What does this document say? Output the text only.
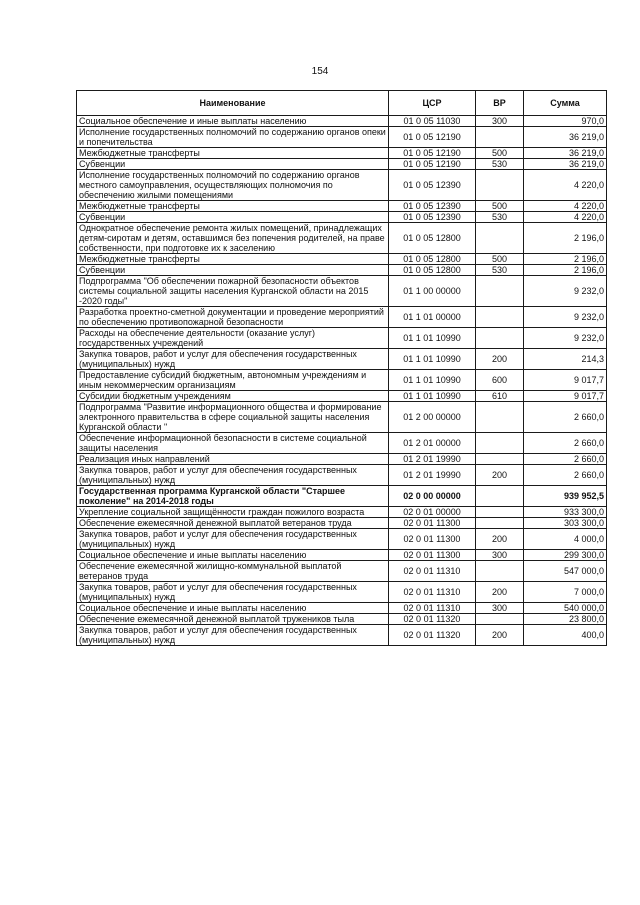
154
Наименование	ЦСР	ВР	Сумма
Социальное обеспечение и иные выплаты населению	01 0 05 11030	300	970,0
Исполнение государственных полномочий по содержанию органов опеки и попечительства	01 0 05 12190		36 219,0
Межбюджетные трансферты	01 0 05 12190	500	36 219,0
Субвенции	01 0 05 12190	530	36 219,0
Исполнение государственных полномочий по содержанию органов местного самоуправления, осуществляющих полномочия по обеспечению жилыми помещениями	01 0 05 12390		4 220,0
Межбюджетные трансферты	01 0 05 12390	500	4 220,0
Субвенции	01 0 05 12390	530	4 220,0
Однократное обеспечение ремонта жилых помещений, принадлежащих детям-сиротам и детям, оставшимся без попечения родителей, на праве собственности, при подготовке их к заселению	01 0 05 12800		2 196,0
Межбюджетные трансферты	01 0 05 12800	500	2 196,0
Субвенции	01 0 05 12800	530	2 196,0
Подпрограмма "Об обеспечении пожарной безопасности объектов системы социальной защиты населения Курганской области на 2015 -2020 годы"	01 1 00 00000		9 232,0
Разработка проектно-сметной документации и проведение мероприятий по обеспечению противопожарной безопасности	01 1 01 00000		9 232,0
Расходы на обеспечение деятельности (оказание услуг) государственных учреждений	01 1 01 10990		9 232,0
Закупка товаров, работ и услуг для обеспечения государственных (муниципальных) нужд	01 1 01 10990	200	214,3
Предоставление субсидий бюджетным, автономным учреждениям и иным некоммерческим организациям	01 1 01 10990	600	9 017,7
Субсидии бюджетным учреждениям	01 1 01 10990	610	9 017,7
Подпрограмма "Развитие информационного общества и формирование электронного правительства в сфере социальной защиты населения Курганской области "	01 2 00 00000		2 660,0
Обеспечение информационной безопасности в системе социальной защиты населения	01 2 01 00000		2 660,0
Реализация иных направлений	01 2 01 19990		2 660,0
Закупка товаров, работ и услуг для обеспечения государственных (муниципальных) нужд	01 2 01 19990	200	2 660,0
Государственная программа Курганской области "Старшее поколение" на 2014-2018 годы	02 0 00 00000		939 952,5
Укрепление социальной защищённости граждан пожилого возраста	02 0 01 00000		933 300,0
Обеспечение ежемесячной денежной выплатой ветеранов труда	02 0 01 11300		303 300,0
Закупка товаров, работ и услуг для обеспечения государственных (муниципальных) нужд	02 0 01 11300	200	4 000,0
Социальное обеспечение и иные выплаты населению	02 0 01 11300	300	299 300,0
Обеспечение ежемесячной жилищно-коммунальной выплатой ветеранов труда	02 0 01 11310		547 000,0
Закупка товаров, работ и услуг для обеспечения государственных (муниципальных) нужд	02 0 01 11310	200	7 000,0
Социальное обеспечение и иные выплаты населению	02 0 01 11310	300	540 000,0
Обеспечение ежемесячной денежной выплатой тружеников тыла	02 0 01 11320		23 800,0
Закупка товаров, работ и услуг для обеспечения государственных (муниципальных) нужд	02 0 01 11320	200	400,0
